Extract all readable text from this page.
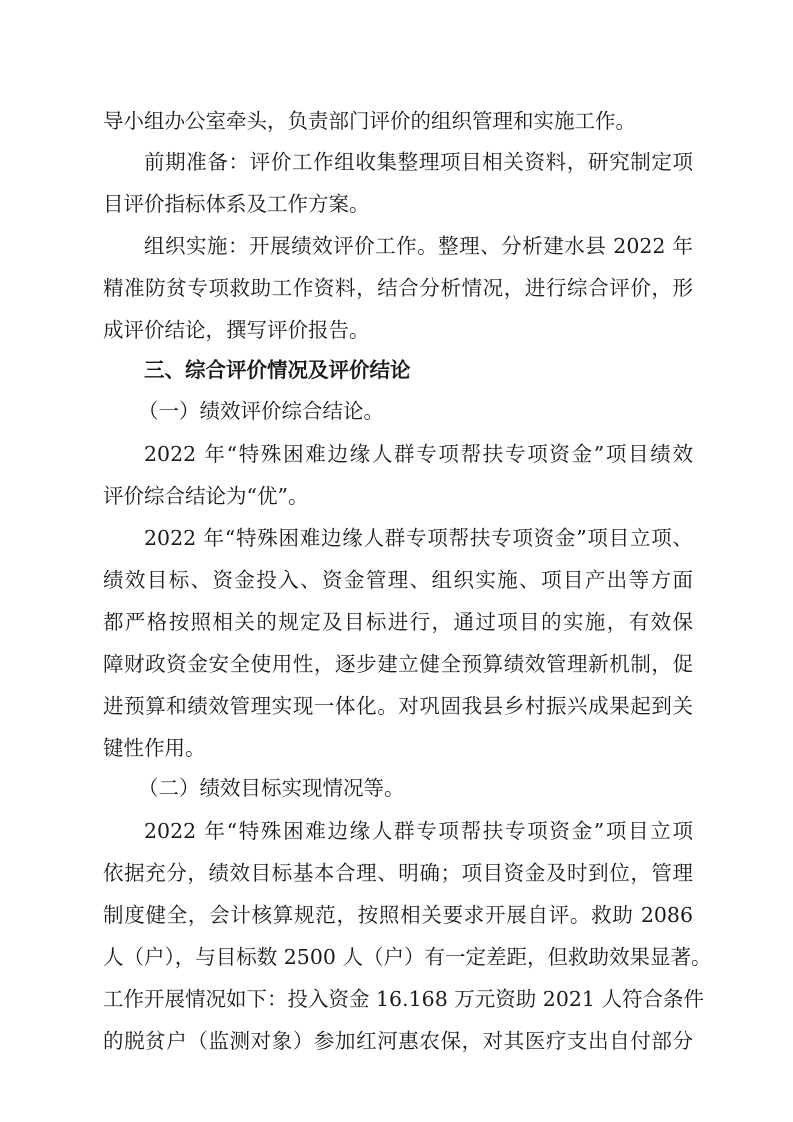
导小组办公室牵头，负责部门评价的组织管理和实施工作。
前期准备：评价工作组收集整理项目相关资料，研究制定项
目评价指标体系及工作方案。
组织实施：开展绩效评价工作。整理、分析建水县 2022 年
精准防贫专项救助工作资料，结合分析情况，进行综合评价，形
成评价结论，撰写评价报告。
三、综合评价情况及评价结论
（一）绩效评价综合结论。
2022 年“特殊困难边缘人群专项帮扶专项资金”项目绩效
评价综合结论为“优”。
2022 年“特殊困难边缘人群专项帮扶专项资金”项目立项、
绩效目标、资金投入、资金管理、组织实施、项目产出等方面
都严格按照相关的规定及目标进行，通过项目的实施，有效保
障财政资金安全使用性，逐步建立健全预算绩效管理新机制，促
进预算和绩效管理实现一体化。对巩固我县乡村振兴成果起到关
键性作用。
（二）绩效目标实现情况等。
2022 年“特殊困难边缘人群专项帮扶专项资金”项目立项
依据充分，绩效目标基本合理、明确；项目资金及时到位，管理
制度健全，会计核算规范，按照相关要求开展自评。救助 2086
人（户），与目标数 2500 人（户）有一定差距，但救助效果显著。
工作开展情况如下：投入资金 16.168 万元资助 2021 人符合条件
的脱贫户（监测对象）参加红河惠农保，对其医疗支出自付部分
